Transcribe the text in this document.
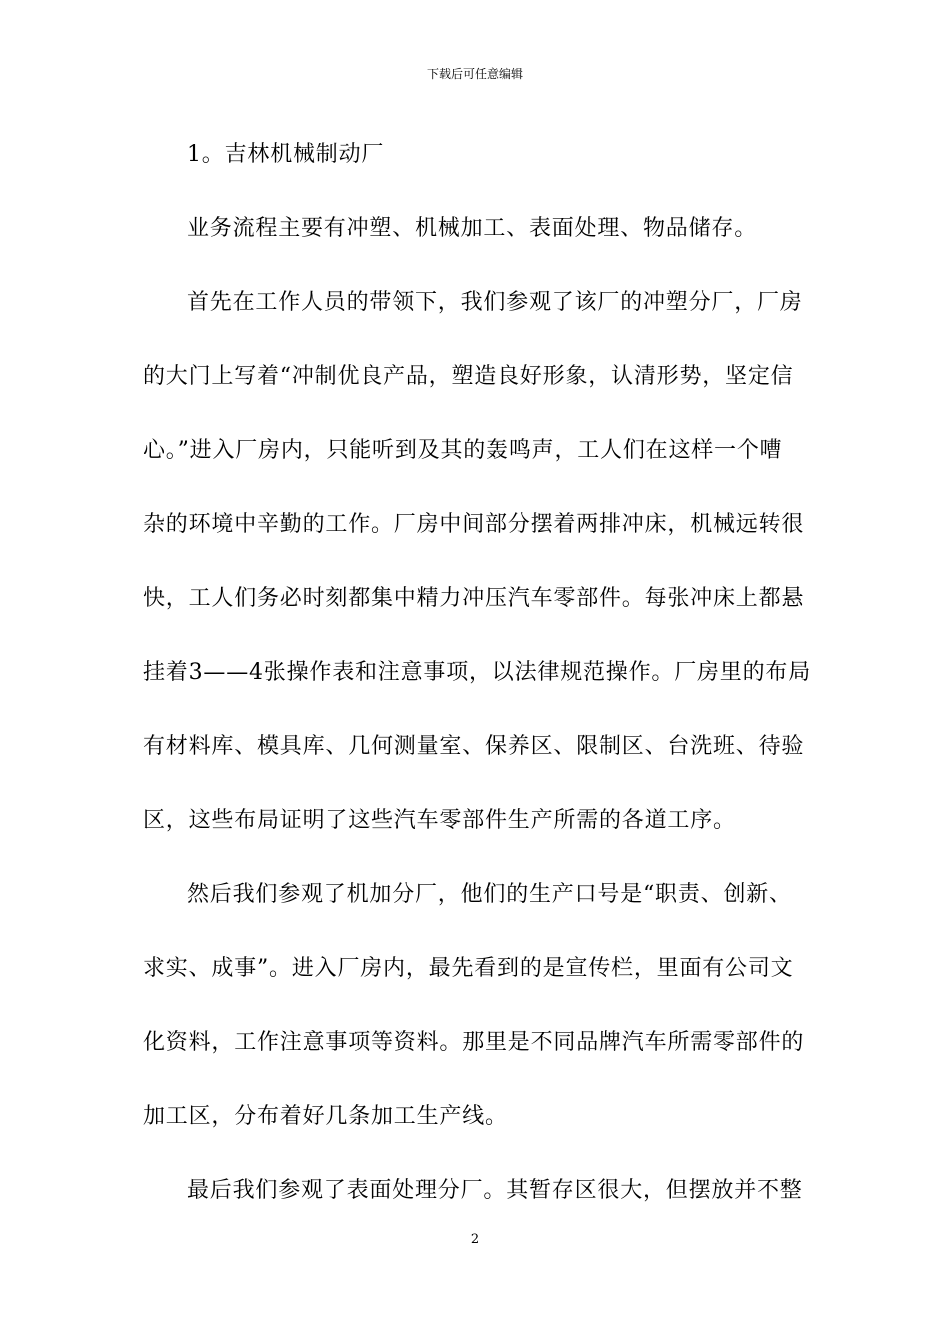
下载后可任意编辑
1。吉林机械制动厂
业务流程主要有冲塑、机械加工、表面处理、物品储存。
首先在工作人员的带领下，我们参观了该厂的冲塑分厂，厂房
的大门上写着“冲制优良产品，塑造良好形象，认清形势，坚定信
心。”进入厂房内，只能听到及其的轰鸣声，工人们在这样一个嘈
杂的环境中辛勤的工作。厂房中间部分摆着两排冲床，机械远转很
快，工人们务必时刻都集中精力冲压汽车零部件。每张冲床上都悬
挂着3——4张操作表和注意事项，以法律规范操作。厂房里的布局
有材料库、模具库、几何测量室、保养区、限制区、台洗班、待验
区，这些布局证明了这些汽车零部件生产所需的各道工序。
然后我们参观了机加分厂，他们的生产口号是“职责、创新、
求实、成事”。进入厂房内，最先看到的是宣传栏，里面有公司文
化资料，工作注意事项等资料。那里是不同品牌汽车所需零部件的
加工区，分布着好几条加工生产线。
最后我们参观了表面处理分厂。其暂存区很大，但摆放并不整
2
